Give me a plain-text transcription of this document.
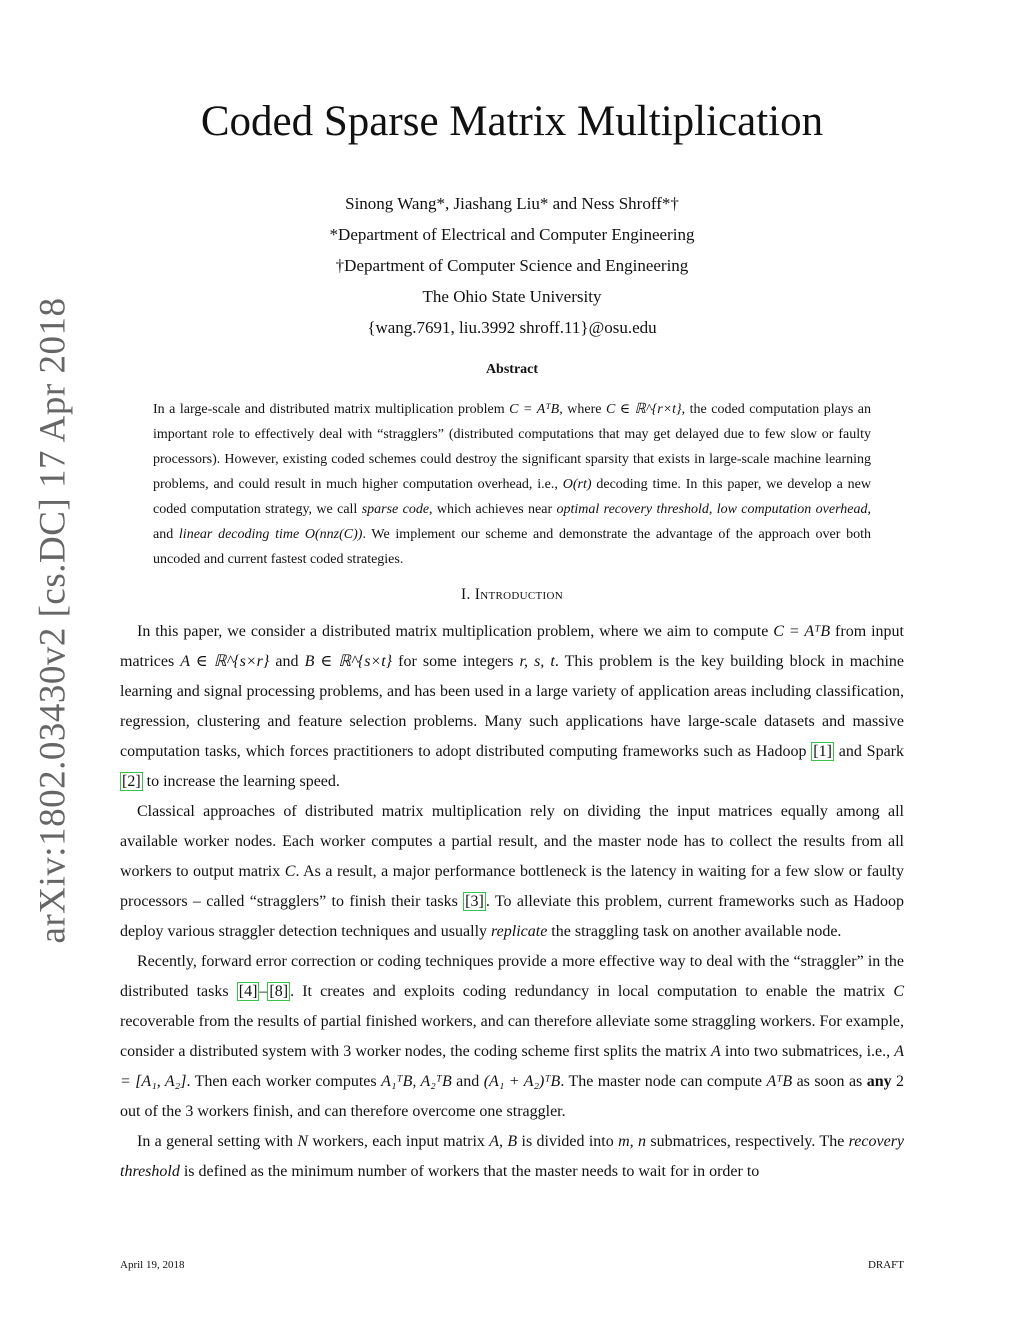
arXiv:1802.03430v2 [cs.DC] 17 Apr 2018
Coded Sparse Matrix Multiplication
Sinong Wang*, Jiashang Liu* and Ness Shroff*†
*Department of Electrical and Computer Engineering
†Department of Computer Science and Engineering
The Ohio State University
{wang.7691, liu.3992 shroff.11}@osu.edu
Abstract

In a large-scale and distributed matrix multiplication problem C = AᵀB, where C ∈ ℝ^{r×t}, the coded computation plays an important role to effectively deal with “stragglers” (distributed computations that may get delayed due to few slow or faulty processors). However, existing coded schemes could destroy the significant sparsity that exists in large-scale machine learning problems, and could result in much higher computation overhead, i.e., O(rt) decoding time. In this paper, we develop a new coded computation strategy, we call sparse code, which achieves near optimal recovery threshold, low computation overhead, and linear decoding time O(nnz(C)). We implement our scheme and demonstrate the advantage of the approach over both uncoded and current fastest coded strategies.

I. Introduction

In this paper, we consider a distributed matrix multiplication problem, where we aim to compute C = AᵀB from input matrices A ∈ ℝ^{s×r} and B ∈ ℝ^{s×t} for some integers r, s, t. This problem is the key building block in machine learning and signal processing problems, and has been used in a large variety of application areas including classification, regression, clustering and feature selection problems. Many such applications have large-scale datasets and massive computation tasks, which forces practitioners to adopt distributed computing frameworks such as Hadoop [1] and Spark [2] to increase the learning speed.

Classical approaches of distributed matrix multiplication rely on dividing the input matrices equally among all available worker nodes. Each worker computes a partial result, and the master node has to collect the results from all workers to output matrix C. As a result, a major performance bottleneck is the latency in waiting for a few slow or faulty processors – called “stragglers” to finish their tasks [3] . To alleviate this problem, current frameworks such as Hadoop deploy various straggler detection techniques and usually replicate the straggling task on another available node.

Recently, forward error correction or coding techniques provide a more effective way to deal with the “straggler” in the distributed tasks [4] – [8] . It creates and exploits coding redundancy in local computation to enable the matrix C recoverable from the results of partial finished workers, and can therefore alleviate some straggling workers. For example, consider a distributed system with 3 worker nodes, the coding scheme first splits the matrix A into two submatrices, i.e., A = [A₁, A₂]. Then each worker computes A₁ᵀB, A₂ᵀB and (A₁ + A₂)ᵀB. The master node can compute AᵀB as soon as any 2 out of the 3 workers finish, and can therefore overcome one straggler.

In a general setting with N workers, each input matrix A, B is divided into m, n submatrices, respectively. The recovery threshold is defined as the minimum number of workers that the master needs to wait for in order to

April 19, 2018	DRAFT
